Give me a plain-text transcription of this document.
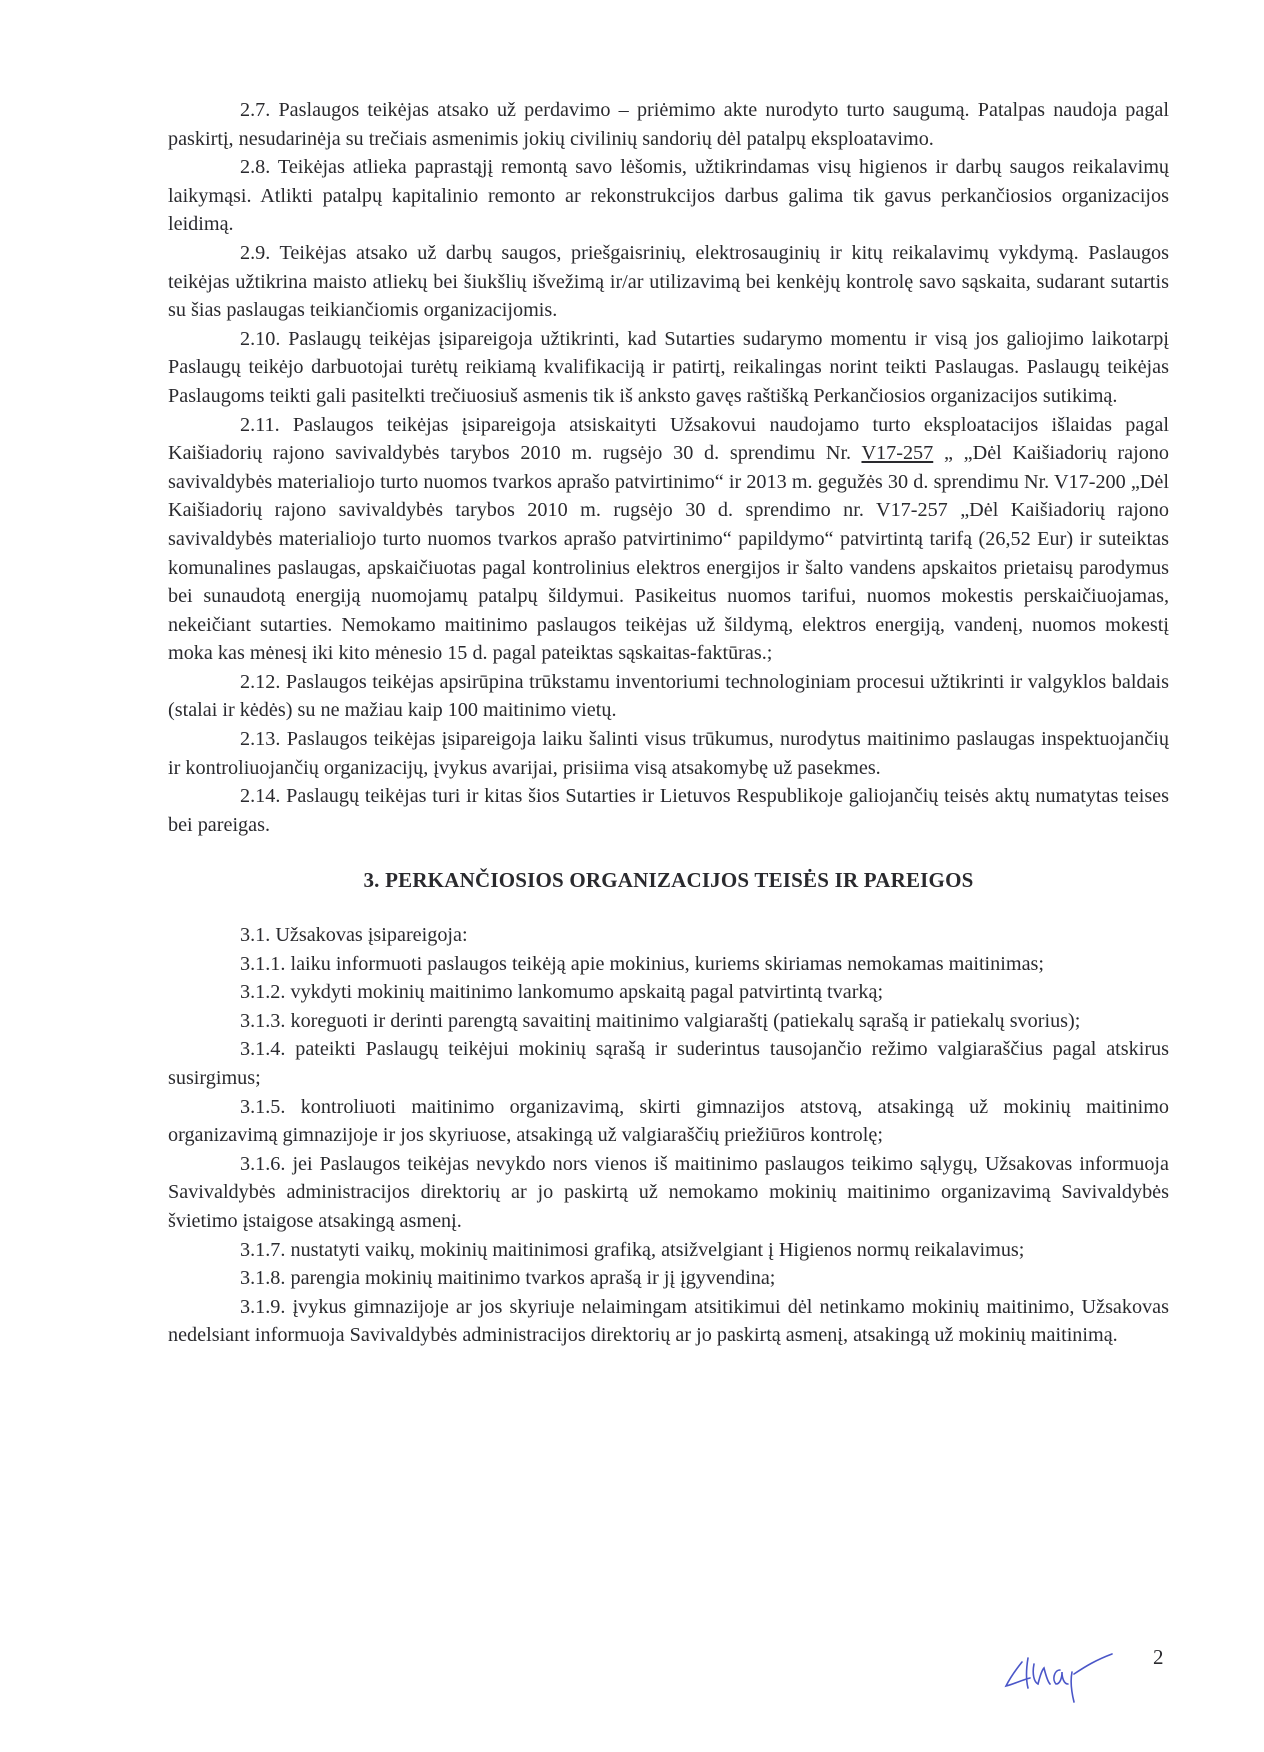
2.7. Paslaugos teikėjas atsako už perdavimo – priėmimo akte nurodyto turto saugumą. Patalpas naudoja pagal paskirtį, nesudarinėja su trečiais asmenimis jokių civilinių sandorių dėl patalpų eksploatavimo.

2.8. Teikėjas atlieka paprastąjį remontą savo lėšomis, užtikrindamas visų higienos ir darbų saugos reikalavimų laikymąsi. Atlikti patalpų kapitalinio remonto ar rekonstrukcijos darbus galima tik gavus perkančiosios organizacijos leidimą.

2.9. Teikėjas atsako už darbų saugos, priešgaisrinių, elektrosauginių ir kitų reikalavimų vykdymą. Paslaugos teikėjas užtikrina maisto atliekų bei šiukšlių išvežimą ir/ar utilizavimą bei kenkėjų kontrolę savo sąskaita, sudarant sutartis su šias paslaugas teikiančiomis organizacijomis.

2.10. Paslaugų teikėjas įsipareigoja užtikrinti, kad Sutarties sudarymo momentu ir visą jos galiojimo laikotarpį Paslaugų teikėjo darbuotojai turėtų reikiamą kvalifikaciją ir patirtį, reikalingas norint teikti Paslaugas. Paslaugų teikėjas Paslaugoms teikti gali pasitelkti trečiuosiuš asmenis tik iš anksto gavęs raštišką Perkančiosios organizacijos sutikimą.

2.11. Paslaugos teikėjas įsipareigoja atsiskaityti Užsakovui naudojamo turto eksploatacijos išlaidas pagal Kaišiadorių rajono savivaldybės tarybos 2010 m. rugsėjo 30 d. sprendimu Nr. V17-257 „ „Dėl Kaišiadorių rajono savivaldybės materialiojo turto nuomos tvarkos aprašo patvirtinimo“ ir 2013 m. gegužės 30 d. sprendimu Nr. V17-200 „Dėl Kaišiadorių rajono savivaldybės tarybos 2010 m. rugsėjo 30 d. sprendimo nr. V17-257 „Dėl Kaišiadorių rajono savivaldybės materialiojo turto nuomos tvarkos aprašo patvirtinimo“ papildymo“ patvirtintą tarifą (26,52 Eur) ir suteiktas komunalines paslaugas, apskaičiuotas pagal kontrolinius elektros energijos ir šalto vandens apskaitos prietaisų parodymus bei sunaudotą energiją nuomojamų patalpų šildymui. Pasikeitus nuomos tarifui, nuomos mokestis perskaičiuojamas, nekeičiant sutarties. Nemokamo maitinimo paslaugos teikėjas už šildymą, elektros energiją, vandenį, nuomos mokestį moka kas mėnesį iki kito mėnesio 15 d. pagal pateiktas sąskaitas-faktūras.;

2.12. Paslaugos teikėjas apsirūpina trūkstamu inventoriumi technologiniam procesui užtikrinti ir valgyklos baldais (stalai ir kėdės) su ne mažiau kaip 100 maitinimo vietų.

2.13. Paslaugos teikėjas įsipareigoja laiku šalinti visus trūkumus, nurodytus maitinimo paslaugas inspektuojančių ir kontroliuojančių organizacijų, įvykus avarijai, prisiima visą atsakomybę už pasekmes.

2.14. Paslaugų teikėjas turi ir kitas šios Sutarties ir Lietuvos Respublikoje galiojančių teisės aktų numatytas teises bei pareigas.

3. PERKANČIOSIOS ORGANIZACIJOS TEISĖS IR PAREIGOS

3.1. Užsakovas įsipareigoja:

3.1.1. laiku informuoti paslaugos teikėją apie mokinius, kuriems skiriamas nemokamas maitinimas;

3.1.2. vykdyti mokinių maitinimo lankomumo apskaitą pagal patvirtintą tvarką;

3.1.3. koreguoti ir derinti parengtą savaitinį maitinimo valgiaraštį (patiekalų sąrašą ir patiekalų svorius);

3.1.4. pateikti Paslaugų teikėjui mokinių sąrašą ir suderintus tausojančio režimo valgiaraščius pagal atskirus susirgimus;

3.1.5. kontroliuoti maitinimo organizavimą, skirti gimnazijos atstovą, atsakingą už mokinių maitinimo organizavimą gimnazijoje ir jos skyriuose, atsakingą už valgiaraščių priežiūros kontrolę;

3.1.6. jei Paslaugos teikėjas nevykdo nors vienos iš maitinimo paslaugos teikimo sąlygų, Užsakovas informuoja Savivaldybės administracijos direktorių ar jo paskirtą už nemokamo mokinių maitinimo organizavimą Savivaldybės švietimo įstaigose atsakingą asmenį.

3.1.7. nustatyti vaikų, mokinių maitinimosi grafiką, atsižvelgiant į Higienos normų reikalavimus;

3.1.8. parengia mokinių maitinimo tvarkos aprašą ir jį įgyvendina;

3.1.9. įvykus gimnazijoje ar jos skyriuje nelaimingam atsitikimui dėl netinkamo mokinių maitinimo, Užsakovas nedelsiant informuoja Savivaldybės administracijos direktorių ar jo paskirtą asmenį, atsakingą už mokinių maitinimą.

2
